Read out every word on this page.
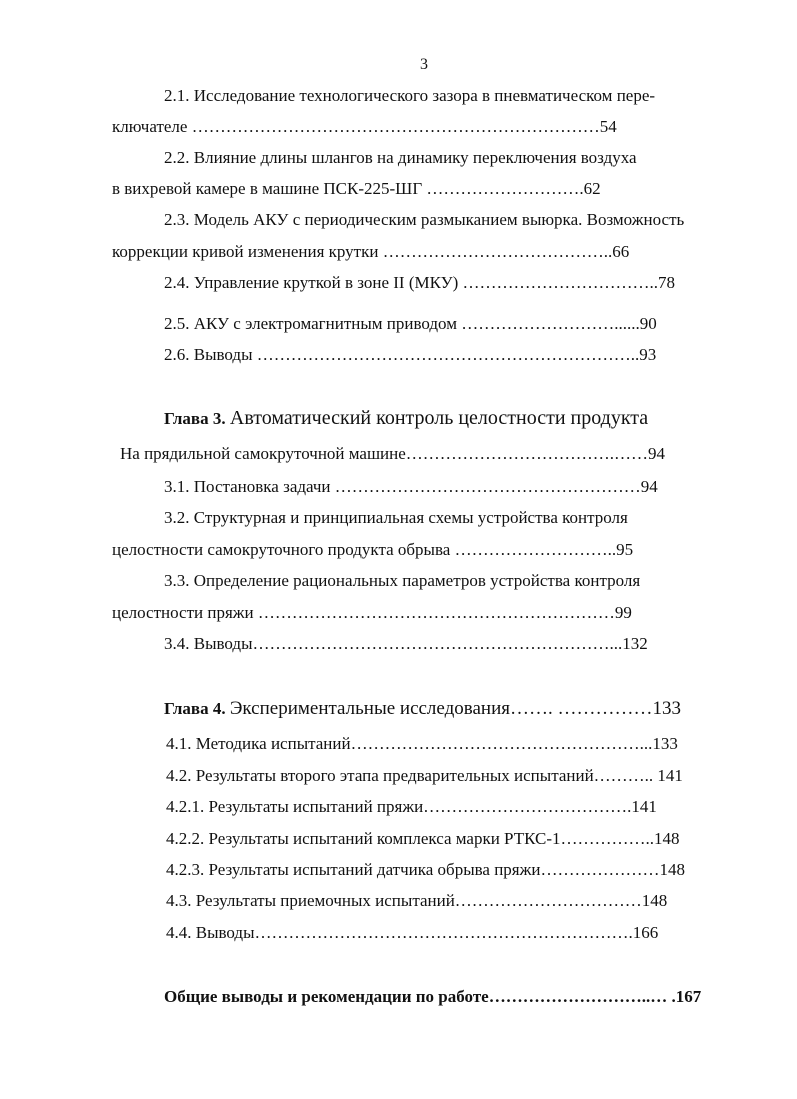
3
2.1. Исследование технологического зазора в пневматическом пере-
ключателе ………………………………………………………………54
2.2. Влияние длины шлангов на динамику переключения воздуха
в вихревой камере в машине ПСК-225-ШГ ……………………….62
2.3. Модель АКУ с периодическим размыканием выюрка. Возможность
коррекции кривой изменения крутки …………………………………..66
2.4. Управление круткой в зоне II (МКУ) ……………………………..78
2.5. АКУ с электромагнитным приводом ………………………......90
2.6. Выводы …………………………………………………………..93
Глава 3. Автоматический контроль целостности продукта
На прядильной самокруточной машине……………………………….……94
3.1. Постановка задачи ………………………………………………94
3.2. Структурная и принципиальная схемы устройства контроля
целостности самокруточного продукта обрыва ………………………..95
3.3. Определение рациональных параметров устройства контроля
целостности пряжи ………………………………………………………99
3.4. Выводы………………………………………………………...132
Глава 4. Экспериментальные исследования……. ……………133
4.1. Методика испытаний……………………………………………...133
4.2. Результаты второго этапа предварительных испытаний……….. 141
4.2.1. Результаты испытаний пряжи……………………………….141
4.2.2. Результаты испытаний комплекса марки РТКС-1……………..148
4.2.3. Результаты испытаний датчика обрыва пряжи…………………148
4.3. Результаты приемочных испытаний……………………………148
4.4. Выводы………………………………………………………….166
Общие выводы и рекомендации по работе………………………..… .167
